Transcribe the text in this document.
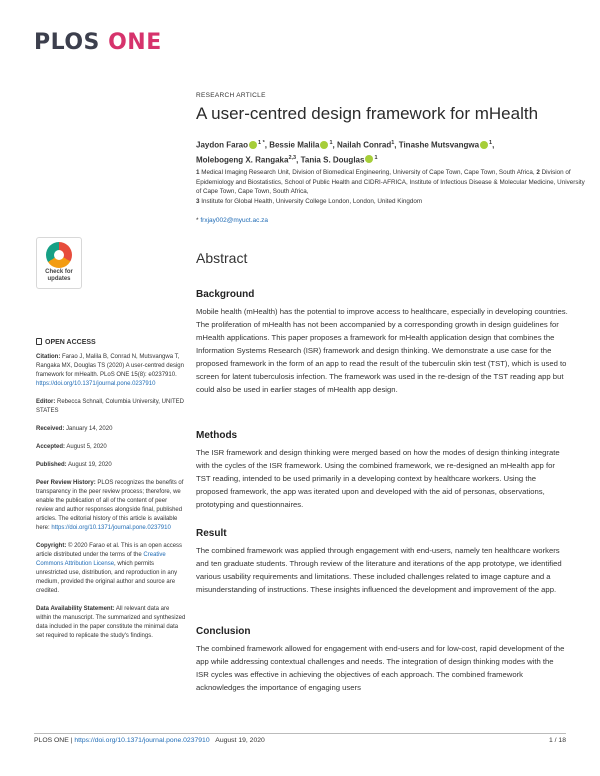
PLOS ONE
RESEARCH ARTICLE
A user-centred design framework for mHealth
Jaydon Farao $^{1 *}$, Bessie Malila $^1$, Nailah Conrad$^1$, Tinashe Mutsvangwa $^1$,
Molebogeng X. Rangaka$^{2,3}$, Tania S. Douglas $^1$
1 Medical Imaging Research Unit, Division of Biomedical Engineering, University of Cape Town, Cape Town, South Africa, 2 Division of Epidemiology and Biostatistics, School of Public Health and CIDRI-AFRICA, Institute of Infectious Disease & Molecular Medicine, University of Cape Town, Cape Town, South Africa,
3 Institute for Global Health, University College London, London, United Kingdom
* frxjay002@myuct.ac.za
Check for
updates
Abstract
Background
Mobile health (mHealth) has the potential to improve access to healthcare, especially in developing countries. The proliferation of mHealth has not been accompanied by a corresponding growth in design guidelines for mHealth applications. This paper proposes a framework for mHealth application design that combines the Information Systems Research (ISR) framework and design thinking. We demonstrate a use case for the proposed framework in the form of an app to read the result of the tuberculin skin test (TST), which is used to screen for latent tuberculosis infection. The framework was used in the re-design of the TST reading app but could also be used in earlier stages of mHealth app design.
Methods
The ISR framework and design thinking were merged based on how the modes of design thinking integrate with the cycles of the ISR framework. Using the combined framework, we re-designed an mHealth app for TST reading, intended to be used primarily in a developing context by healthcare workers. Using the proposed framework, the app was iterated upon and developed with the aid of personas, observations, prototyping and questionnaires.
Result
The combined framework was applied through engagement with end-users, namely ten healthcare workers and ten graduate students. Through review of the literature and iterations of the app prototype, we identified various usability requirements and limitations. These included challenges related to image capture and a misunderstanding of instructions. These insights influenced the development and improvement of the app.
Conclusion
The combined framework allowed for engagement with end-users and for low-cost, rapid development of the app while addressing contextual challenges and needs. The integration of design thinking modes with the ISR cycles was effective in achieving the objectives of each approach. The combined framework acknowledges the importance of engaging users
OPEN ACCESS

Citation: Farao J, Malila B, Conrad N, Mutsvangwa T, Rangaka MX, Douglas TS (2020) A user-centred design framework for mHealth. PLoS ONE 15(8): e0237910. https://doi.org/10.1371/journal.pone.0237910

Editor: Rebecca Schnall, Columbia University, UNITED STATES

Received: January 14, 2020

Accepted: August 5, 2020

Published: August 19, 2020

Peer Review History: PLOS recognizes the benefits of transparency in the peer review process; therefore, we enable the publication of all of the content of peer review and author responses alongside final, published articles. The editorial history of this article is available here: https://doi.org/10.1371/journal.pone.0237910

Copyright: © 2020 Farao et al. This is an open access article distributed under the terms of the Creative Commons Attribution License, which permits unrestricted use, distribution, and reproduction in any medium, provided the original author and source are credited.

Data Availability Statement: All relevant data are within the manuscript. The summarized and synthesized data included in the paper constitute the minimal data set required to replicate the study's findings.

PLOS ONE | https://doi.org/10.1371/journal.pone.0237910 August 19, 2020	1 / 18
